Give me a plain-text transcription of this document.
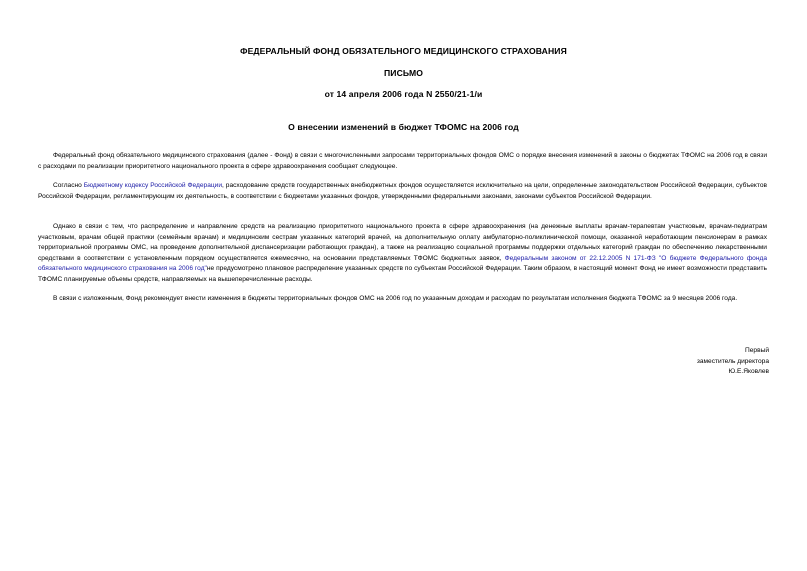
ФЕДЕРАЛЬНЫЙ ФОНД ОБЯЗАТЕЛЬНОГО МЕДИЦИНСКОГО СТРАХОВАНИЯ
ПИСЬМО
от 14 апреля 2006 года N 2550/21-1/и
О внесении изменений в бюджет ТФОМС на 2006 год
Федеральный фонд обязательного медицинского страхования (далее - Фонд) в связи с многочисленными запросами территориальных фондов ОМС о порядке внесения изменений в законы о бюджетах ТФОМС на 2006 год в связи с расходами по реализации приоритетного национального проекта в сфере здравоохранения сообщает следующее.
Согласно Бюджетному кодексу Российской Федерации, расходование средств государственных внебюджетных фондов осуществляется исключительно на цели, определенные законодательством Российской Федерации, субъектов Российской Федерации, регламентирующим их деятельность, в соответствии с бюджетами указанных фондов, утвержденными федеральными законами, законами субъектов Российской Федерации.
Однако в связи с тем, что распределение и направление средств на реализацию приоритетного национального проекта в сфере здравоохранения (на денежные выплаты врачам-терапевтам участковым, врачам-педиатрам участковым, врачам общей практики (семейным врачам) и медицинским сестрам указанных категорий врачей, на дополнительную оплату амбулаторно-поликлинической помощи, оказанной неработающим пенсионерам в рамках территориальной программы ОМС, на проведение дополнительной диспансеризации работающих граждан), а также на реализацию социальной программы поддержки отдельных категорий граждан по обеспечению лекарственными средствами в соответствии с установленным порядком осуществляется ежемесячно, на основании представляемых ТФОМС бюджетных заявок, Федеральным законом от 22.12.2005 N 171-ФЗ "О бюджете Федерального фонда обязательного медицинского страхования на 2006 год"не предусмотрено плановое распределение указанных средств по субъектам Российской Федерации. Таким образом, в настоящий момент Фонд не имеет возможности представить ТФОМС планируемые объемы средств, направляемых на вышеперечисленные расходы.
В связи с изложенным, Фонд рекомендует внести изменения в бюджеты территориальных фондов ОМС на 2006 год по указанным доходам и расходам по результатам исполнения бюджета ТФОМС за 9 месяцев 2006 года.
Первый
заместитель директора
Ю.Е.Яковлев
